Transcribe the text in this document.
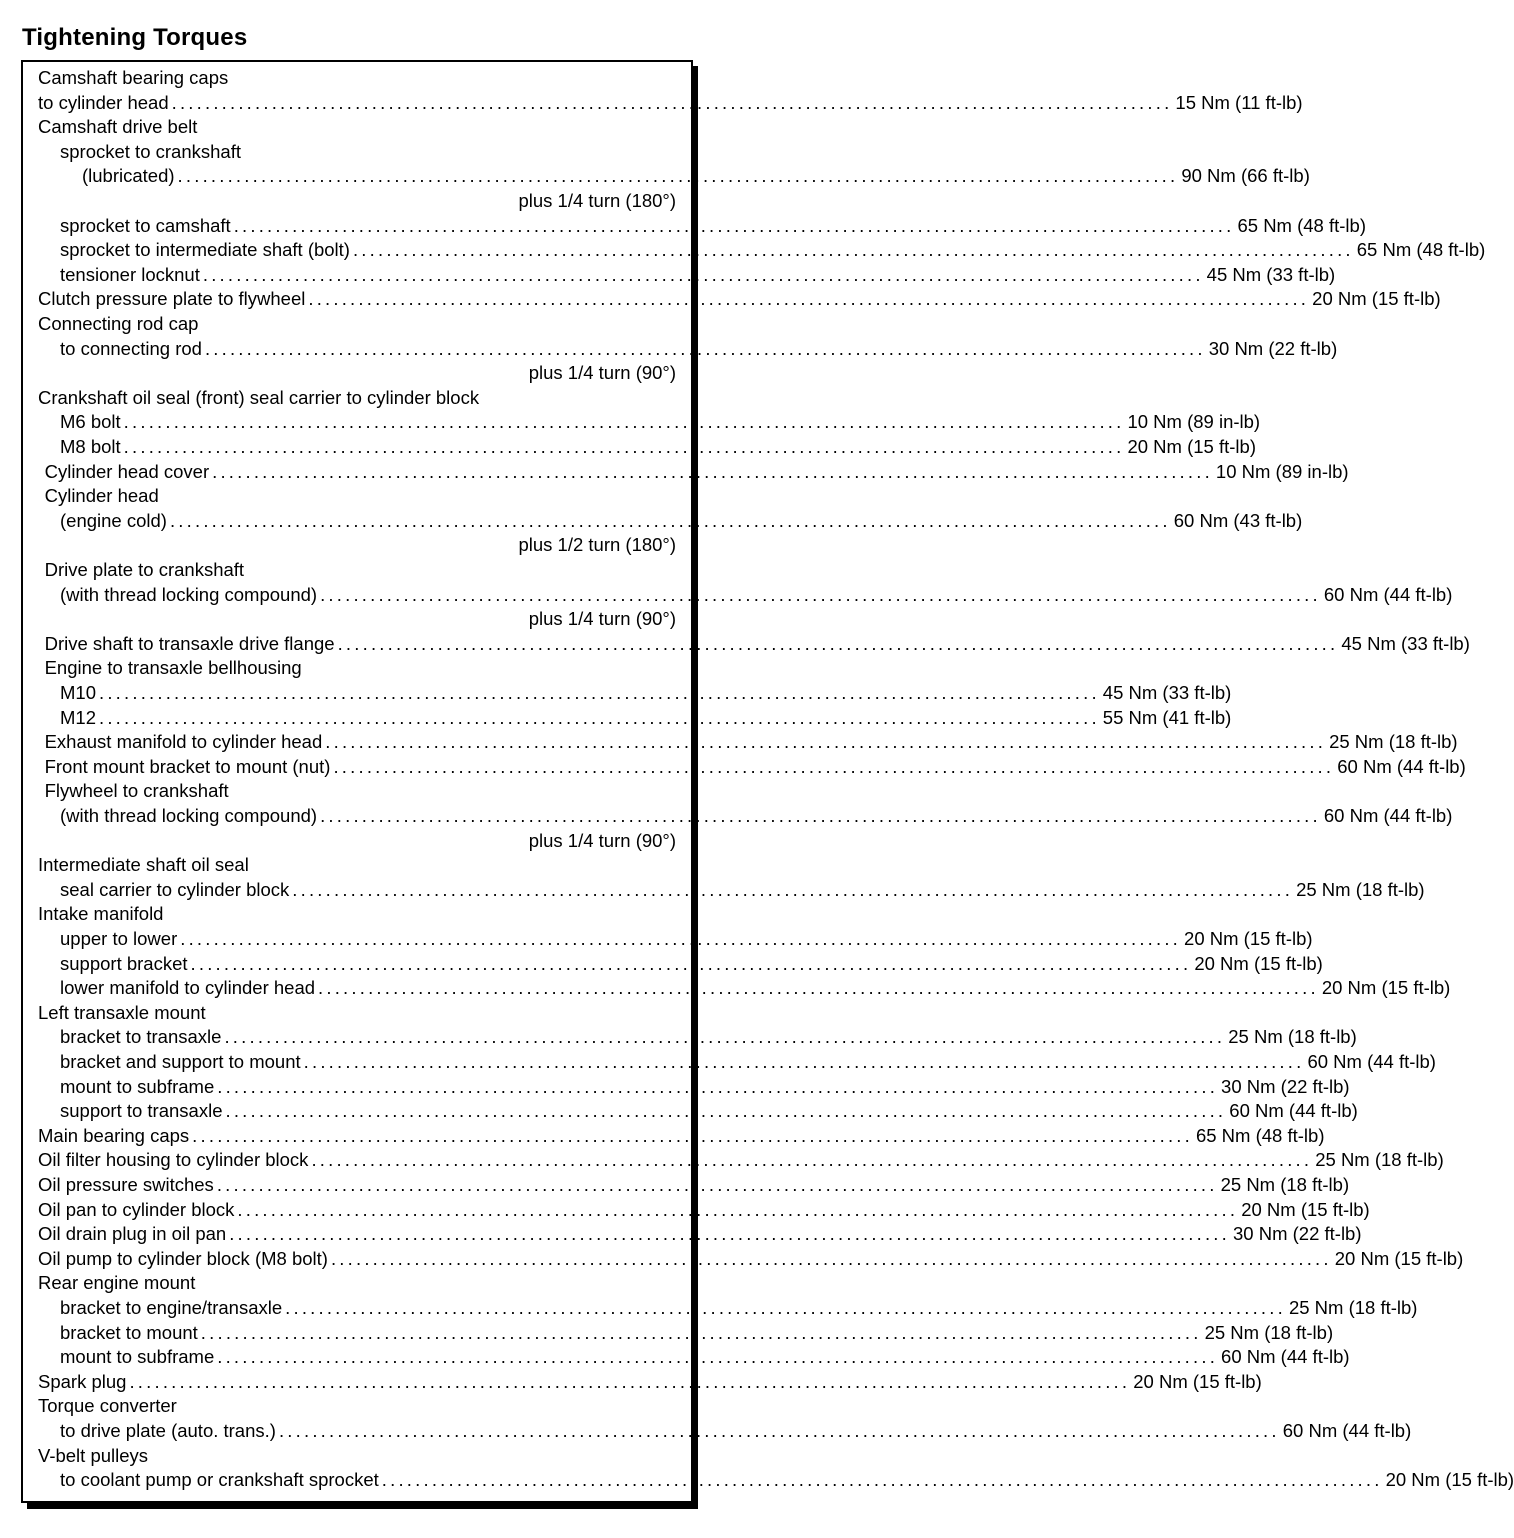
Tightening Torques
Camshaft bearing caps
to cylinder head ........................................................................................................................ 15 Nm (11 ft-lb)
Camshaft drive belt
sprocket to crankshaft
(lubricated) ........................................................................................................................ 90 Nm (66 ft-lb)
plus 1/4 turn (180°)
sprocket to camshaft ........................................................................................................................ 65 Nm (48 ft-lb)
sprocket to intermediate shaft (bolt) ........................................................................................................................ 65 Nm (48 ft-lb)
tensioner locknut ........................................................................................................................ 45 Nm (33 ft-lb)
Clutch pressure plate to flywheel ........................................................................................................................ 20 Nm (15 ft-lb)
Connecting rod cap
to connecting rod ........................................................................................................................ 30 Nm (22 ft-lb)
plus 1/4 turn (90°)
Crankshaft oil seal (front) seal carrier to cylinder block
M6 bolt ........................................................................................................................ 10 Nm (89 in-lb)
M8 bolt ........................................................................................................................ 20 Nm (15 ft-lb)
Cylinder head cover ........................................................................................................................ 10 Nm (89 in-lb)
Cylinder head
(engine cold) ........................................................................................................................ 60 Nm (43 ft-lb)
plus 1/2 turn (180°)
Drive plate to crankshaft
(with thread locking compound) ........................................................................................................................ 60 Nm (44 ft-lb)
plus 1/4 turn (90°)
Drive shaft to transaxle drive flange ........................................................................................................................ 45 Nm (33 ft-lb)
Engine to transaxle bellhousing
M10 ........................................................................................................................ 45 Nm (33 ft-lb)
M12 ........................................................................................................................ 55 Nm (41 ft-lb)
Exhaust manifold to cylinder head ........................................................................................................................ 25 Nm (18 ft-lb)
Front mount bracket to mount (nut) ........................................................................................................................ 60 Nm (44 ft-lb)
Flywheel to crankshaft
(with thread locking compound) ........................................................................................................................ 60 Nm (44 ft-lb)
plus 1/4 turn (90°)
Intermediate shaft oil seal
seal carrier to cylinder block ........................................................................................................................ 25 Nm (18 ft-lb)
Intake manifold
upper to lower ........................................................................................................................ 20 Nm (15 ft-lb)
support bracket ........................................................................................................................ 20 Nm (15 ft-lb)
lower manifold to cylinder head ........................................................................................................................ 20 Nm (15 ft-lb)
Left transaxle mount
bracket to transaxle ........................................................................................................................ 25 Nm (18 ft-lb)
bracket and support to mount ........................................................................................................................ 60 Nm (44 ft-lb)
mount to subframe ........................................................................................................................ 30 Nm (22 ft-lb)
support to transaxle ........................................................................................................................ 60 Nm (44 ft-lb)
Main bearing caps ........................................................................................................................ 65 Nm (48 ft-lb)
Oil filter housing to cylinder block ........................................................................................................................ 25 Nm (18 ft-lb)
Oil pressure switches ........................................................................................................................ 25 Nm (18 ft-lb)
Oil pan to cylinder block ........................................................................................................................ 20 Nm (15 ft-lb)
Oil drain plug in oil pan ........................................................................................................................ 30 Nm (22 ft-lb)
Oil pump to cylinder block (M8 bolt) ........................................................................................................................ 20 Nm (15 ft-lb)
Rear engine mount
bracket to engine/transaxle ........................................................................................................................ 25 Nm (18 ft-lb)
bracket to mount ........................................................................................................................ 25 Nm (18 ft-lb)
mount to subframe ........................................................................................................................ 60 Nm (44 ft-lb)
Spark plug ........................................................................................................................ 20 Nm (15 ft-lb)
Torque converter
to drive plate (auto. trans.) ........................................................................................................................ 60 Nm (44 ft-lb)
V-belt pulleys
to coolant pump or crankshaft sprocket ........................................................................................................................ 20 Nm (15 ft-lb)
